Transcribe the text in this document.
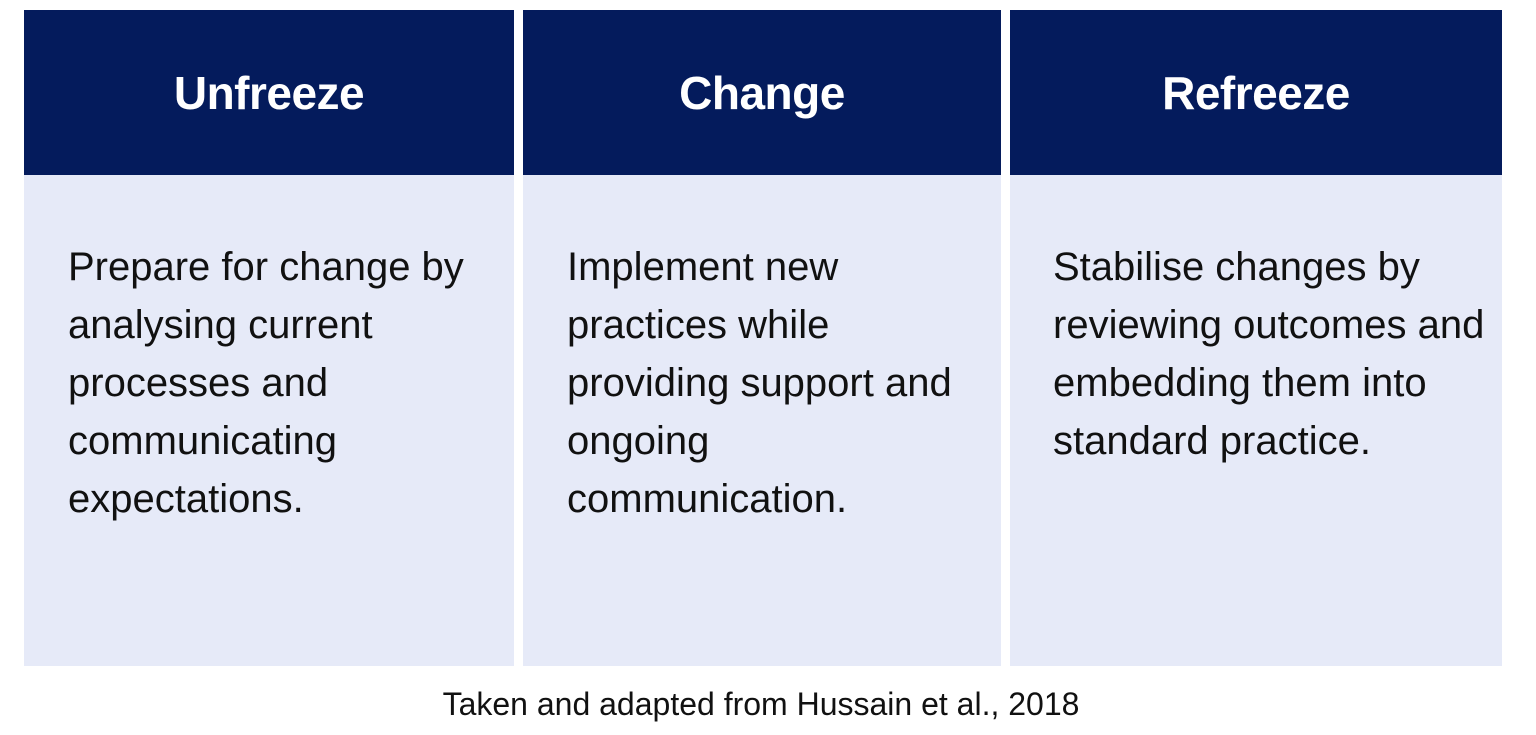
Unfreeze
Prepare for change by analysing current processes and communicating expectations.
Change
Implement new practices while providing support and ongoing communication.
Refreeze
Stabilise changes by reviewing outcomes and embedding them into standard practice.
Taken and adapted from Hussain et al., 2018
